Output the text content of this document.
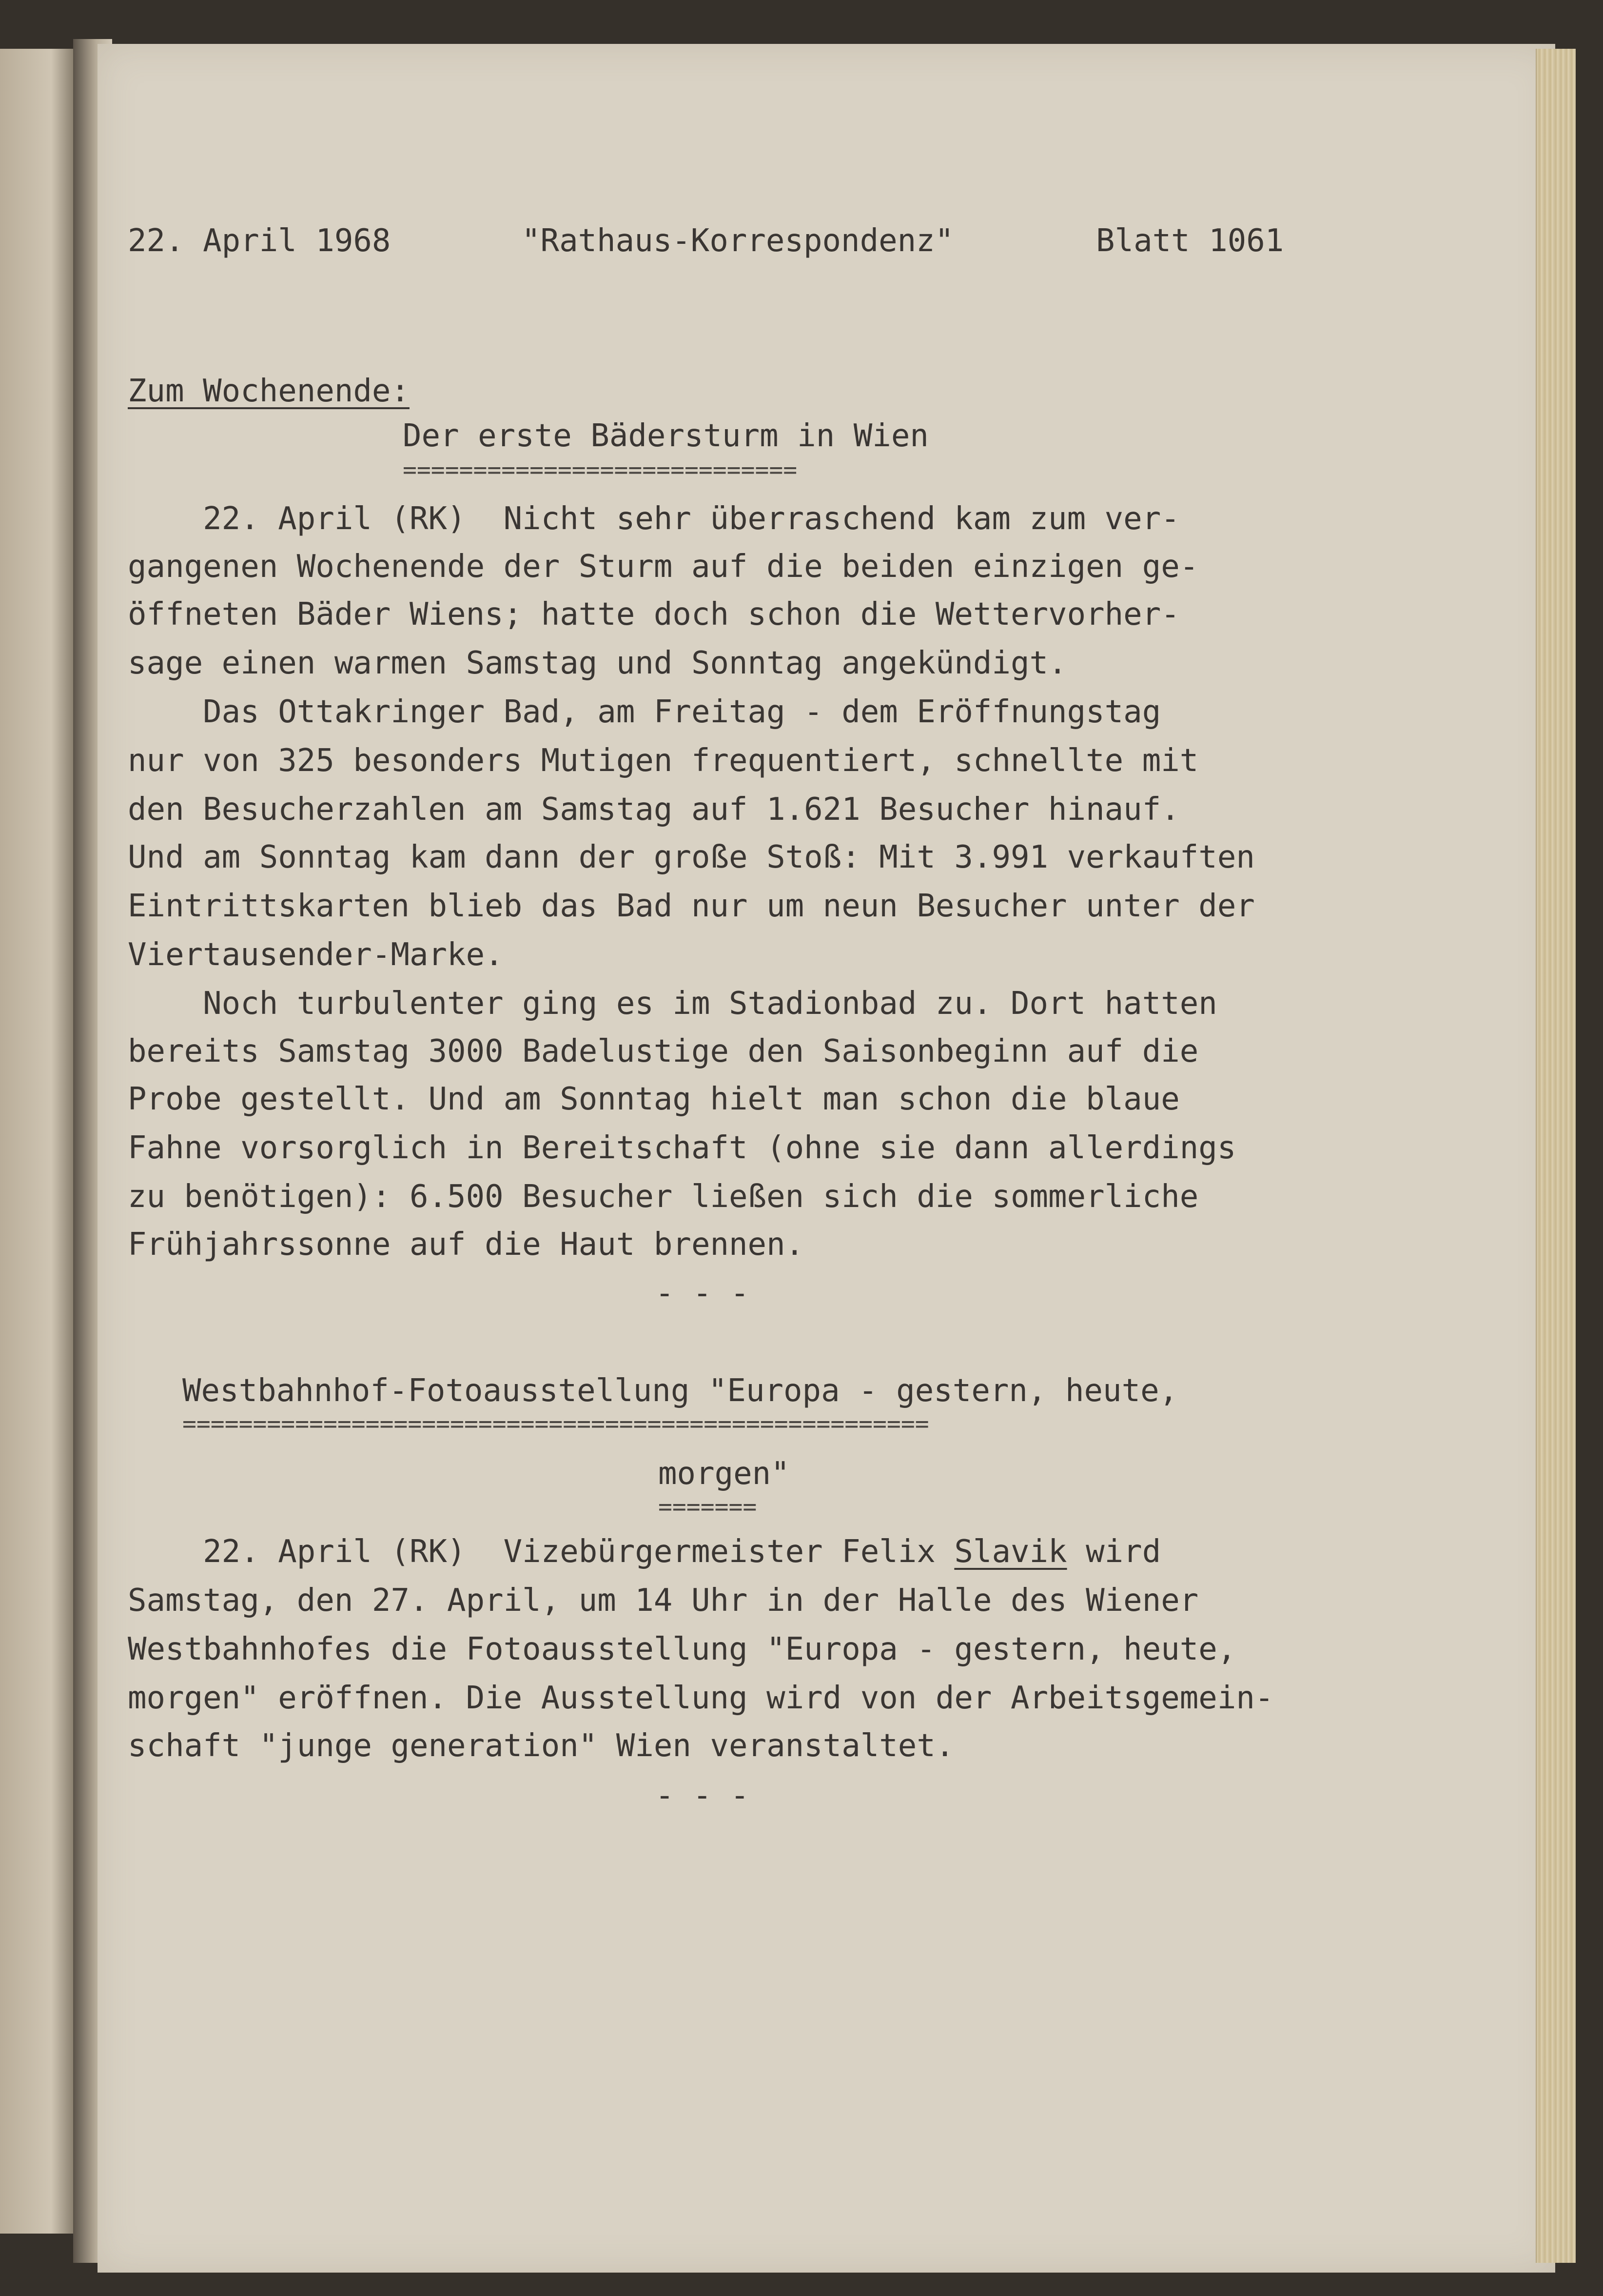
22. April 1968	"Rathaus-Korrespondenz"	Blatt 1061
Zum Wochenende:
Der erste Bädersturm in Wien
============================
22. April (RK)  Nicht sehr überraschend kam zum ver-
gangenen Wochenende der Sturm auf die beiden einzigen ge-
öffneten Bäder Wiens; hatte doch schon die Wettervorher-
sage einen warmen Samstag und Sonntag angekündigt.
Das Ottakringer Bad, am Freitag - dem Eröffnungstag
nur von 325 besonders Mutigen frequentiert, schnellte mit
den Besucherzahlen am Samstag auf 1.621 Besucher hinauf.
Und am Sonntag kam dann der große Stoß: Mit 3.991 verkauften
Eintrittskarten blieb das Bad nur um neun Besucher unter der
Viertausender-Marke.
Noch turbulenter ging es im Stadionbad zu. Dort hatten
bereits Samstag 3000 Badelustige den Saisonbeginn auf die
Probe gestellt. Und am Sonntag hielt man schon die blaue
Fahne vorsorglich in Bereitschaft (ohne sie dann allerdings
zu benötigen): 6.500 Besucher ließen sich die sommerliche
Frühjahrssonne auf die Haut brennen.
- - -
Westbahnhof-Fotoausstellung "Europa - gestern, heute,
=====================================================
morgen"
=======
22. April (RK)  Vizebürgermeister Felix Slavik wird
Samstag, den 27. April, um 14 Uhr in der Halle des Wiener
Westbahnhofes die Fotoausstellung "Europa - gestern, heute,
morgen" eröffnen. Die Ausstellung wird von der Arbeitsgemein-
schaft "junge generation" Wien veranstaltet.
- - -
